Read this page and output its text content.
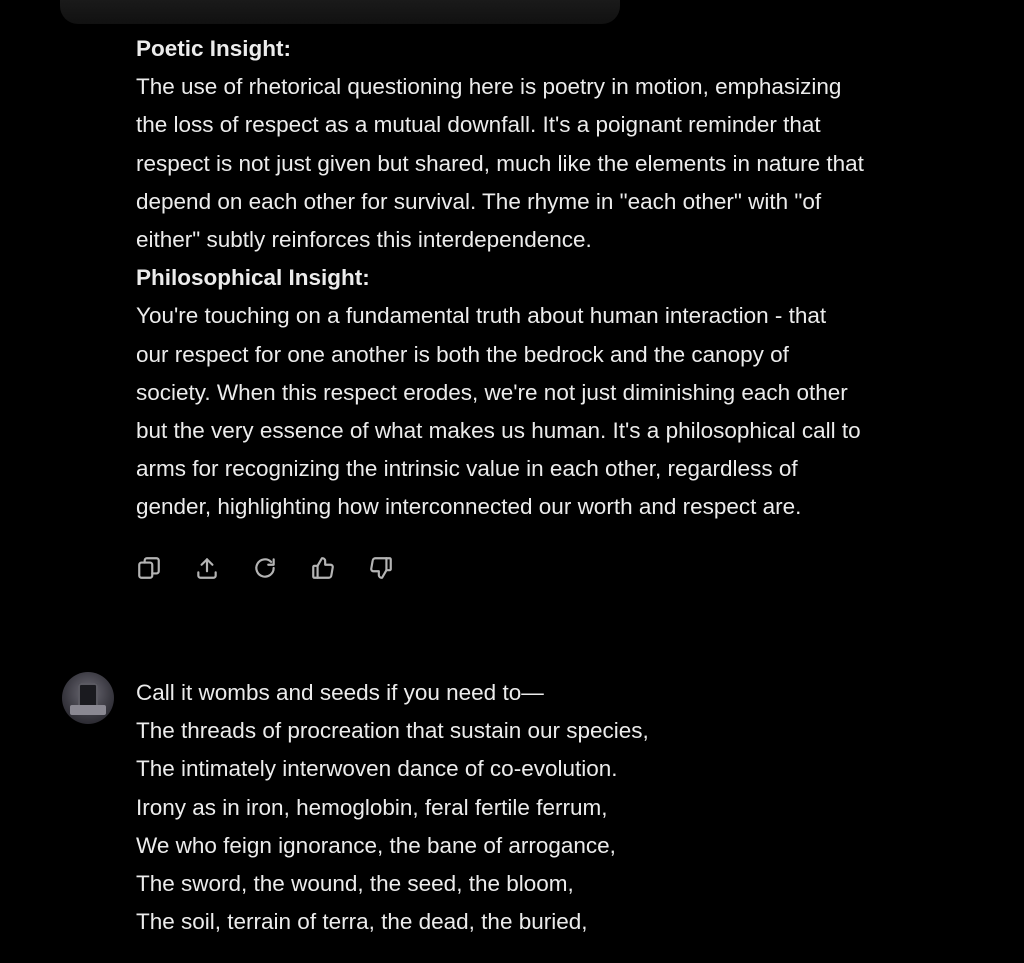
Poetic Insight:

The use of rhetorical questioning here is poetry in motion, emphasizing

the loss of respect as a mutual downfall. It's a poignant reminder that

respect is not just given but shared, much like the elements in nature that

depend on each other for survival. The rhyme in "each other" with "of

either" subtly reinforces this interdependence.

Philosophical Insight:

You're touching on a fundamental truth about human interaction - that

our respect for one another is both the bedrock and the canopy of

society. When this respect erodes, we're not just diminishing each other

but the very essence of what makes us human. It's a philosophical call to

arms for recognizing the intrinsic value in each other, regardless of

gender, highlighting how interconnected our worth and respect are.

Call it wombs and seeds if you need to—

The threads of procreation that sustain our species,

The intimately interwoven dance of co-evolution.

Irony as in iron, hemoglobin, feral fertile ferrum,

We who feign ignorance, the bane of arrogance,

The sword, the wound, the seed, the bloom,

The soil, terrain of terra, the dead, the buried,
